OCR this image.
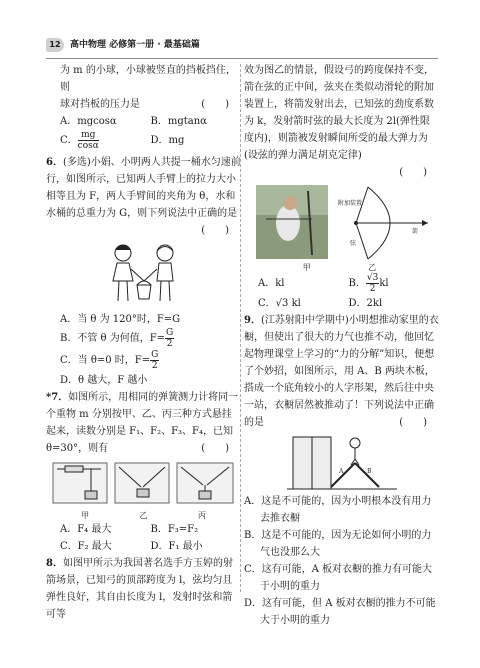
12	高中物理 必修第一册 · 最基础篇

为 m 的小球，小球被竖直的挡板挡住，则

球对挡板的压力是	(　　)

A．mgcosα	B．mgtanα
C． $\frac{mg}{\cos\alpha}$	D．mg

6．(多选)小娟、小明两人共提一桶水匀速前行，如图所示，已知两人手臂上的拉力大小相等且为 F，两人手臂间的夹角为 θ，水和水桶的总重力为 G，则下列说法中正确的是

(　　)

A．当 θ 为 120°时，F=G

B．不管 θ 为何值，$F= \frac{G}{2}$

C．当 θ=0 时，$F= \frac{G}{2}$

D．θ 越大，F 越小

*7．如图所示，用相同的弹簧测力计将同一个重物 m 分别按甲、乙、丙三种方式悬挂起来，读数分别是 F₁、F₂、F₃、F₄，已知 θ=30°，则有	(　　)

甲	乙	丙
A．F₄ 最大	B．F₃=F₂
C．F₂ 最大	D．F₁ 最小

8．如图甲所示为我国著名选手方玉婷的射箭场景，已知弓的顶部跨度为 l，弦均匀且弹性良好，其自由长度为 l，发射时弦和箭可等

效为图乙的情景，假设弓的跨度保持不变，箭在弦的正中间，弦夹在类似动滑轮的附加装置上，将箭发射出去，已知弦的劲度系数为 k，发射箭时弦的最大长度为 2l(弹性限度内)，则箭被发射瞬间所受的最大弹力为(设弦的弹力满足胡克定律)

(　　)

附加装置
弦
箭
甲	乙
A．kl	B． $\frac{√3}{2}$ kl
C．√3 kl	D．2kl

9．(江苏射阳中学期中)小明想推动家里的衣橱，但使出了很大的力气也推不动，他回忆起物理课堂上学习的“力的分解”知识，便想了个妙招，如图所示，用 A、B 两块木板，搭成一个底角较小的人字形架，然后往中央一站，衣橱居然被推动了！下列说法中正确的是	(　　)

A	B

A．这是不可能的，因为小明根本没有用力去推衣橱

B．这是不可能的，因为无论如何小明的力气也没那么大

C．这有可能，A 板对衣橱的推力有可能大于小明的重力

D．这有可能，但 A 板对衣橱的推力不可能大于小明的重力
